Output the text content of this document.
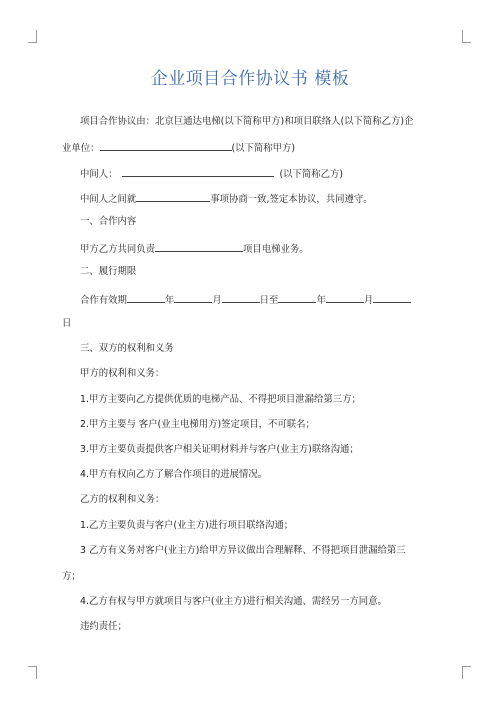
企业项目合作协议书 模板
项目合作协议由：北京巨通达电梯(以下简称甲方)和项目联络人(以下简称乙方)企
业单位：	(以下简称甲方)
中间人：	(以下简称乙方)
中间人之间就	事项协商一致,签定本协议，共同遵守。
一、合作内容
甲方乙方共同负责	项目电梯业务。
二、履行期限
合作有效期	年	月	日至	年	月
日
三、双方的权利和义务
甲方的权利和义务：
1.甲方主要向乙方提供优质的电梯产品、不得把项目泄漏给第三方；
2.甲方主要与 客户(业主电梯用方)签定项目，不可联名；
3.甲方主要负责提供客户相关证明材料并与客户(业主方)联络沟通；
4.甲方有权向乙方了解合作项目的进展情况。
乙方的权利和义务：
1.乙方主要负责与客户(业主方)进行项目联络沟通；
3 乙方有义务对客户(业主方)给甲方异议做出合理解释、不得把项目泄漏给第三
方；
4.乙方有权与甲方就项目与客户(业主方)进行相关沟通、需经另一方同意。
违约责任；
